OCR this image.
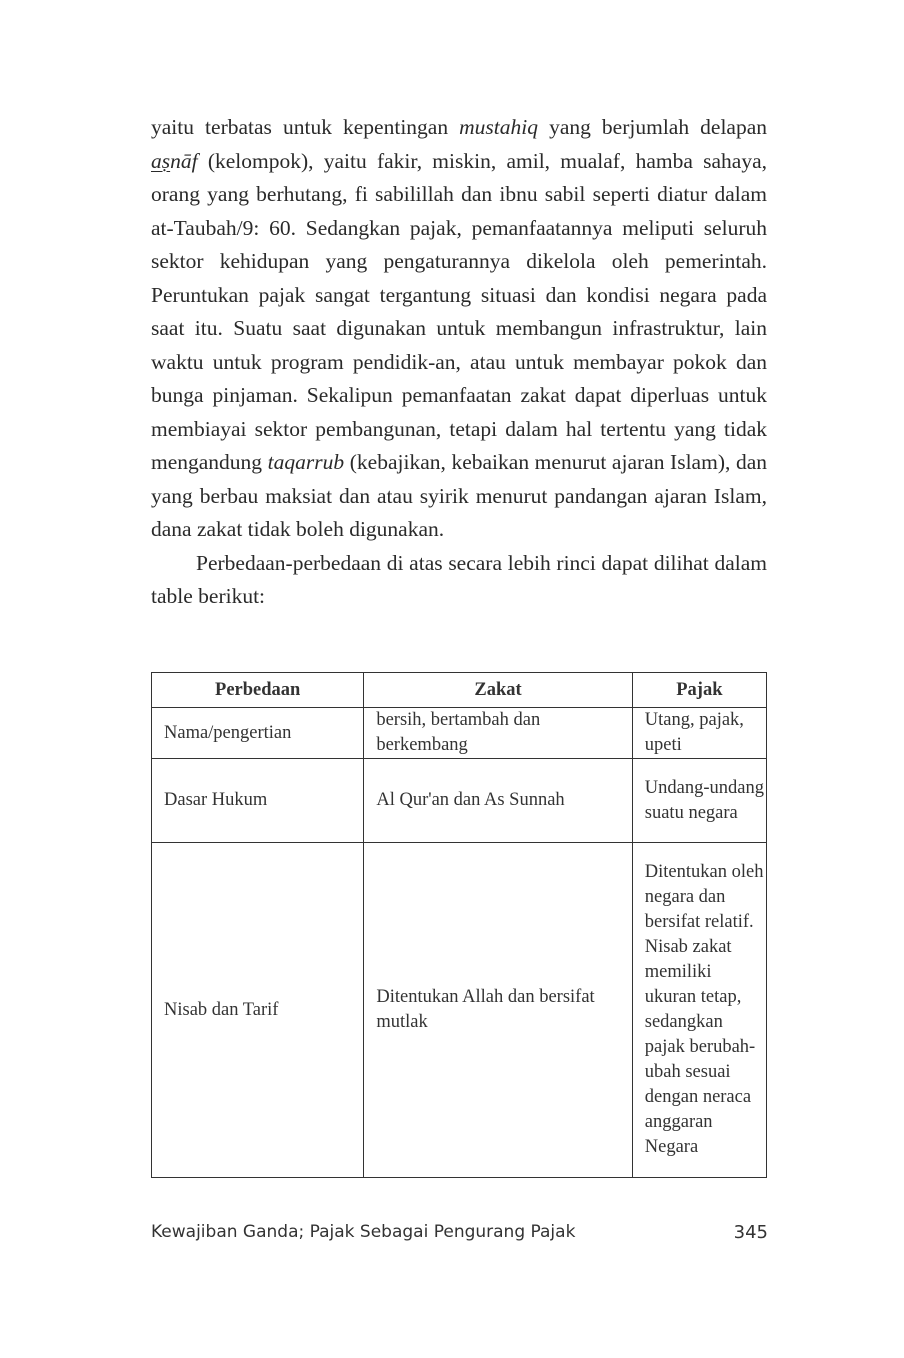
yaitu terbatas untuk kepentingan mustahiq yang berjumlah delapan aṣnāf (kelompok), yaitu fakir, miskin, amil, mualaf, hamba sahaya, orang yang berhutang, fi sabilillah dan ibnu sabil seperti diatur dalam at-Taubah/9: 60. Sedangkan pajak, pemanfaatannya meliputi seluruh sektor kehidupan yang pengaturannya dikelola oleh pemerintah. Peruntukan pajak sangat tergantung situasi dan kondisi negara pada saat itu. Suatu saat digunakan untuk membangun infrastruktur, lain waktu untuk program pendidik-an, atau untuk membayar pokok dan bunga pinjaman. Sekalipun pemanfaatan zakat dapat diperluas untuk membiayai sektor pembangunan, tetapi dalam hal tertentu yang tidak mengandung taqarrub (kebajikan, kebaikan menurut ajaran Islam), dan yang berbau maksiat dan atau syirik menurut pandangan ajaran Islam, dana zakat tidak boleh digunakan.

Perbedaan-perbedaan di atas secara lebih rinci dapat dilihat dalam table berikut:

Perbedaan	Zakat	Pajak
Nama/pengertian	bersih, bertambah dan berkembang	Utang, pajak, upeti
Dasar Hukum	Al Qur'an dan As Sunnah	Undang-undang suatu negara
Nisab dan Tarif	Ditentukan Allah dan bersifat mutlak	Ditentukan oleh negara dan bersifat relatif. Nisab zakat memiliki ukuran tetap, sedangkan pajak berubah-ubah sesuai dengan neraca anggaran Negara
Kewajiban Ganda; Pajak Sebagai Pengurang Pajak	345
